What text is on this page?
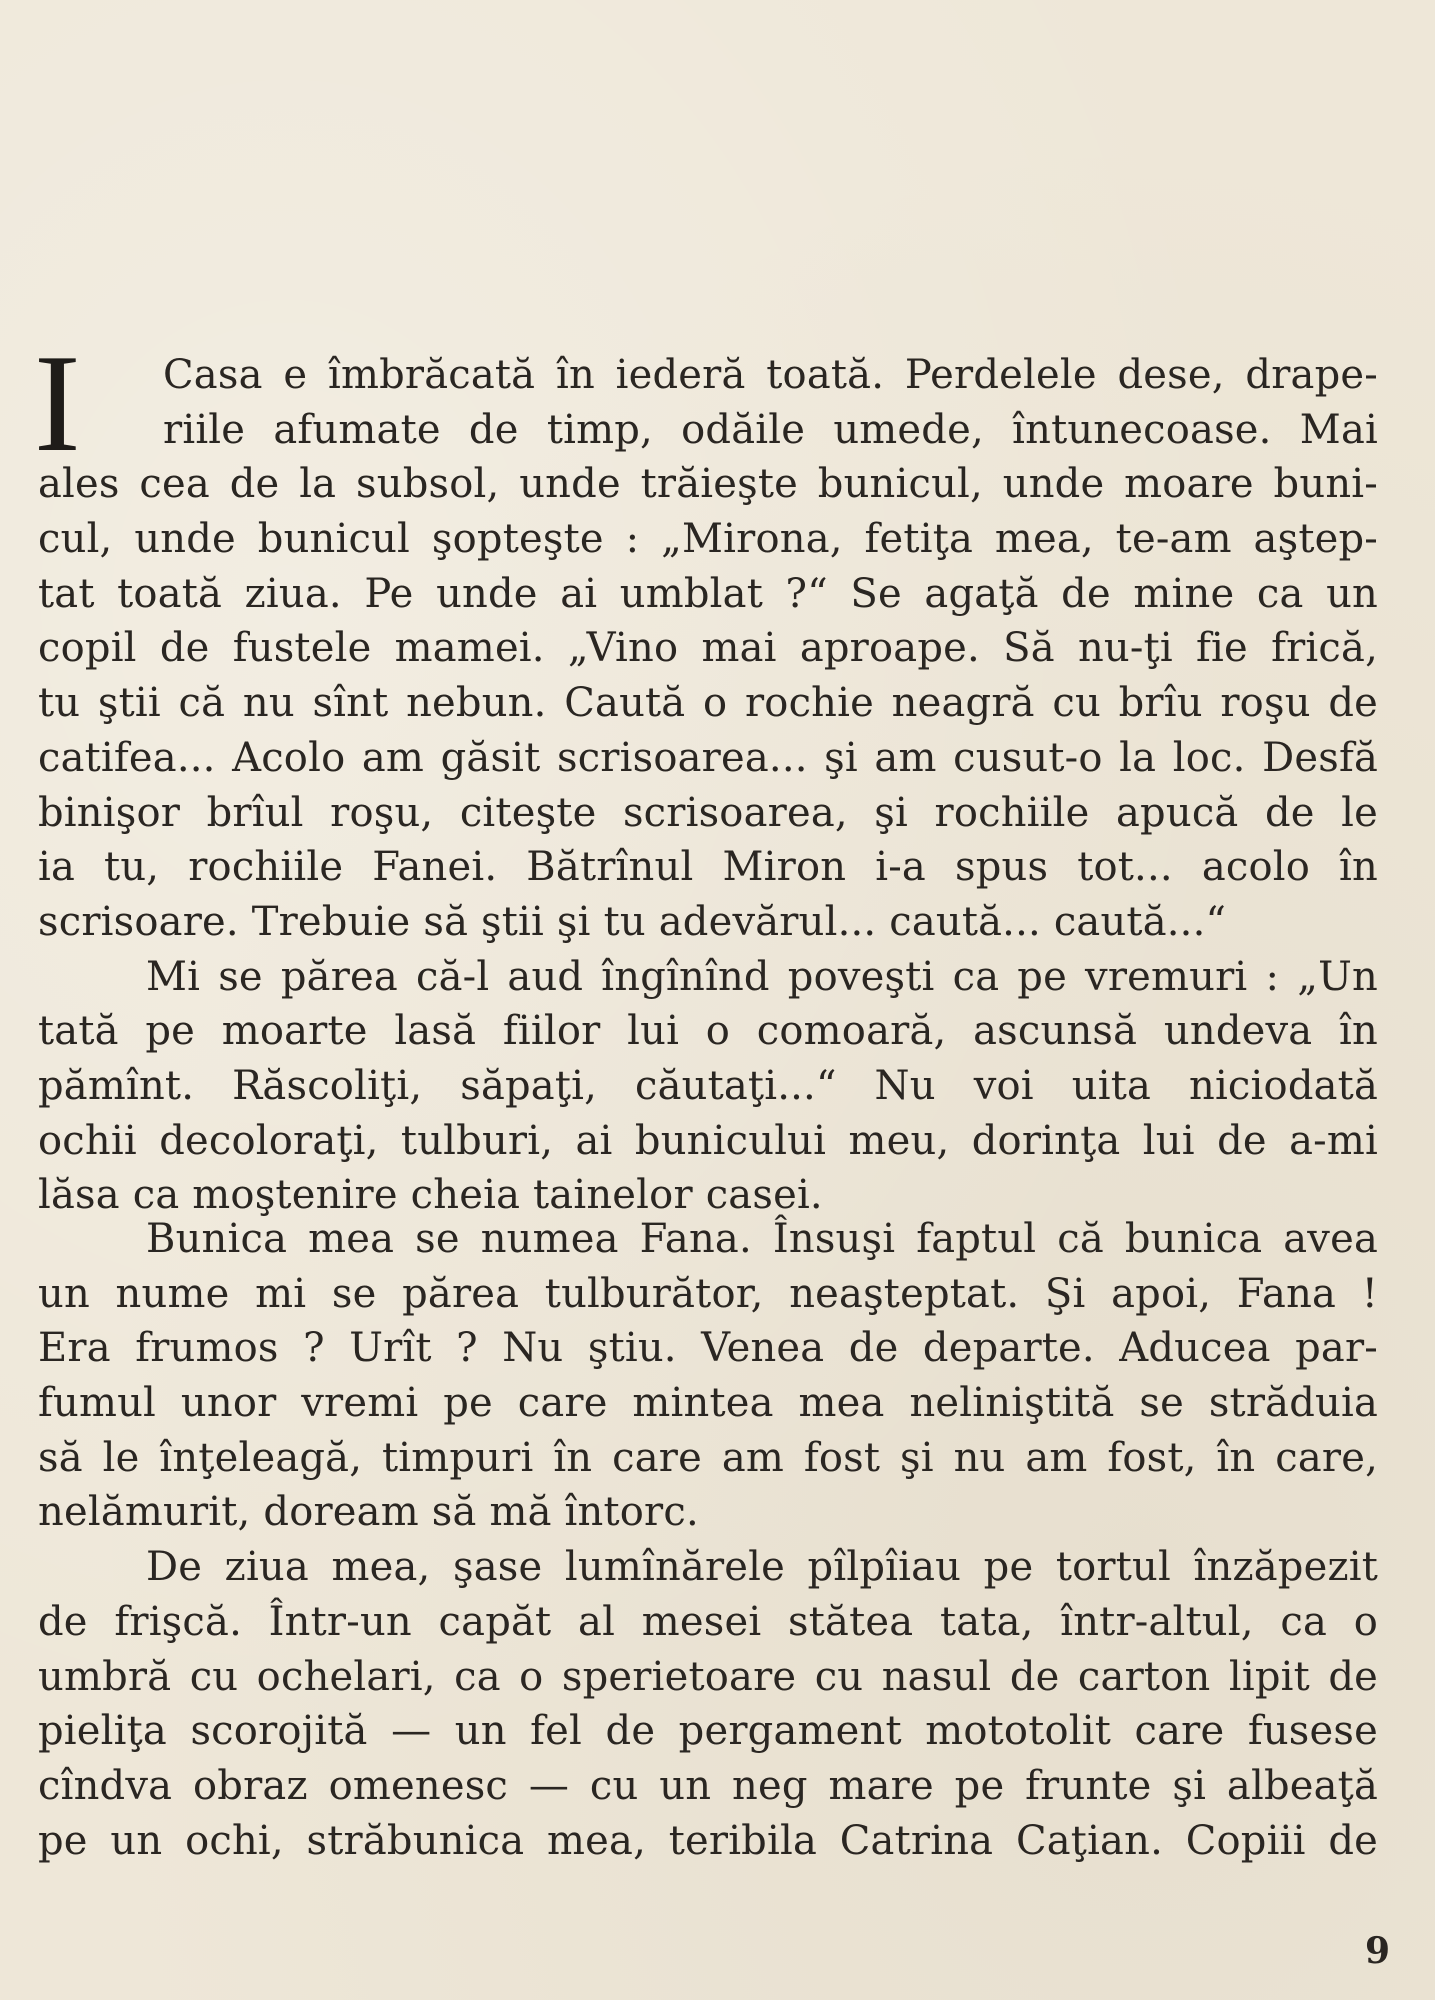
I	Casa e îmbrăcată în iederă toată. Perdelele dese, drape-
riile afumate de timp, odăile umede, întunecoase. Mai
ales cea de la subsol, unde trăieşte bunicul, unde moare buni-
cul, unde bunicul şopteşte : „Mirona, fetiţa mea, te-am aştep-
tat toată ziua. Pe unde ai umblat ?“ Se agaţă de mine ca un
copil de fustele mamei. „Vino mai aproape. Să nu-ţi fie frică,
tu ştii că nu sînt nebun. Caută o rochie neagră cu brîu roşu de
catifea... Acolo am găsit scrisoarea... şi am cusut-o la loc. Desfă
binişor brîul roşu, citeşte scrisoarea, şi rochiile apucă de le
ia tu, rochiile Fanei. Bătrînul Miron i-a spus tot... acolo în
scrisoare. Trebuie să ştii şi tu adevărul... caută... caută...“
Mi se părea că-l aud îngînînd poveşti ca pe vremuri : „Un
tată pe moarte lasă fiilor lui o comoară, ascunsă undeva în
pămînt. Răscoliţi, săpaţi, căutaţi...“ Nu voi uita niciodată
ochii decoloraţi, tulburi, ai bunicului meu, dorinţa lui de a-mi
lăsa ca moştenire cheia tainelor casei.
Bunica mea se numea Fana. Însuşi faptul că bunica avea
un nume mi se părea tulburător, neaşteptat. Şi apoi, Fana !
Era frumos ? Urît ? Nu ştiu. Venea de departe. Aducea par-
fumul unor vremi pe care mintea mea neliniştită se străduia
să le înţeleagă, timpuri în care am fost şi nu am fost, în care,
nelămurit, doream să mă întorc.
De ziua mea, şase lumînărele pîlpîiau pe tortul înzăpezit
de frişcă. Într-un capăt al mesei stătea tata, într-altul, ca o
umbră cu ochelari, ca o sperietoare cu nasul de carton lipit de
pieliţa scorojită — un fel de pergament mototolit care fusese
cîndva obraz omenesc — cu un neg mare pe frunte şi albeaţă
pe un ochi, străbunica mea, teribila Catrina Caţian. Copiii de
9
